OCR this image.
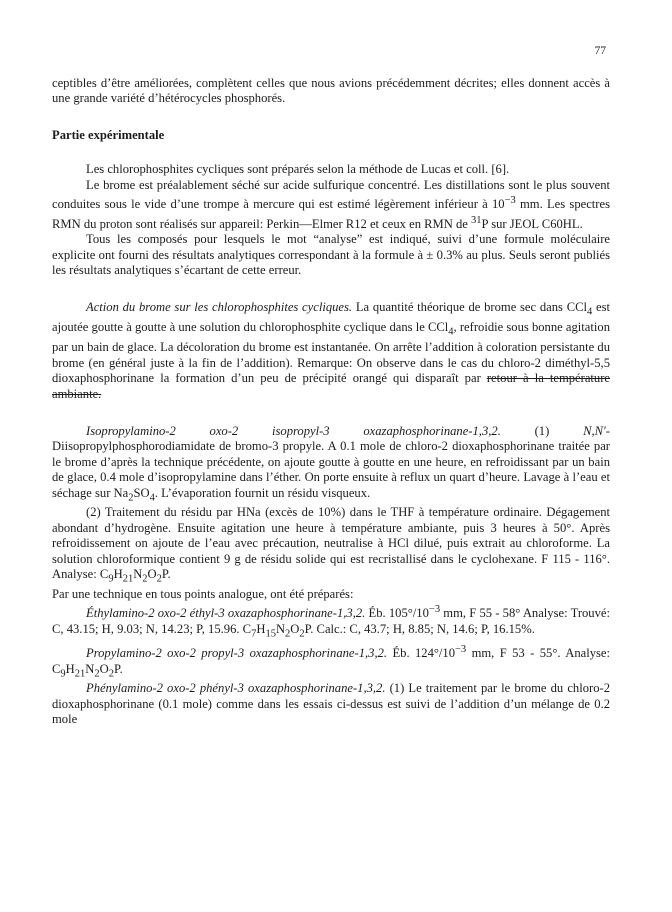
77

ceptibles d’être améliorées, complètent celles que nous avions précédemment décrites; elles donnent accès à une grande variété d’hétérocycles phosphorés.

Partie expérimentale

Les chlorophosphites cycliques sont préparés selon la méthode de Lucas et coll. [6].

Le brome est préalablement séché sur acide sulfurique concentré. Les distillations sont le plus souvent conduites sous le vide d’une trompe à mercure qui est estimé légèrement inférieur à $10^{-3}$ mm. Les spectres RMN du proton sont réalisés sur appareil: Perkin—Elmer R12 et ceux en RMN de $^{31}$P sur JEOL C60HL.

Tous les composés pour lesquels le mot “analyse” est indiqué, suivi d’une formule moléculaire explicite ont fourni des résultats analytiques correspondant à la formule à ± 0.3% au plus. Seuls seront publiés les résultats analytiques s’écartant de cette erreur.

Action du brome sur les chlorophosphites cycliques. La quantité théorique de brome sec dans CCl$_4$ est ajoutée goutte à goutte à une solution du chlorophosphite cyclique dans le CCl$_4$, refroidie sous bonne agitation par un bain de glace. La décoloration du brome est instantanée. On arrête l’addition à coloration persistante du brome (en général juste à la fin de l’addition). Remarque: On observe dans le cas du chloro-2 diméthyl-5,5 dioxaphosphorinane la formation d’un peu de précipité orangé qui disparaît par retour à la température ambiante.

Isopropylamino-2 oxo-2 isopropyl-3 oxazaphosphorinane-1,3,2. (1) N,N′-Diisopropylphosphorodiamidate de bromo-3 propyle. A 0.1 mole de chloro-2 dioxaphosphorinane traitée par le brome d’après la technique précédente, on ajoute goutte à goutte en une heure, en refroidissant par un bain de glace, 0.4 mole d’isopropylamine dans l’éther. On porte ensuite à reflux un quart d’heure. Lavage à l’eau et séchage sur $Na_2SO_4$. L’évaporation fournit un résidu visqueux.

(2) Traitement du résidu par HNa (excès de 10%) dans le THF à température ordinaire. Dégagement abondant d’hydrogène. Ensuite agitation une heure à température ambiante, puis 3 heures à 50°. Après refroidissement on ajoute de l’eau avec précaution, neutralise à HCl dilué, puis extrait au chloroforme. La solution chloroformique contient 9 g de résidu solide qui est recristallisé dans le cyclohexane. F 115 - 116°. Analyse: $C_9H_{21}N_2O_2P$.

Par une technique en tous points analogue, ont été préparés:

Éthylamino-2 oxo-2 éthyl-3 oxazaphosphorinane-1,3,2. Éb. $105^\circ/10^{-3}$ mm, F 55 - 58° Analyse: Trouvé: C, 43.15; H, 9.03; N, 14.23; P, 15.96. $C_7H_{15}N_2O_2P$. Calc.: C, 43.7; H, 8.85; N, 14.6; P, 16.15%.

Propylamino-2 oxo-2 propyl-3 oxazaphosphorinane-1,3,2. Éb. $124^\circ/10^{-3}$ mm, F 53 - 55°. Analyse: $C_9H_{21}N_2O_2P$.

Phénylamino-2 oxo-2 phényl-3 oxazaphosphorinane-1,3,2. (1) Le traitement par le brome du chloro-2 dioxaphosphorinane (0.1 mole) comme dans les essais ci-dessus est suivi de l’addition d’un mélange de 0.2 mole
